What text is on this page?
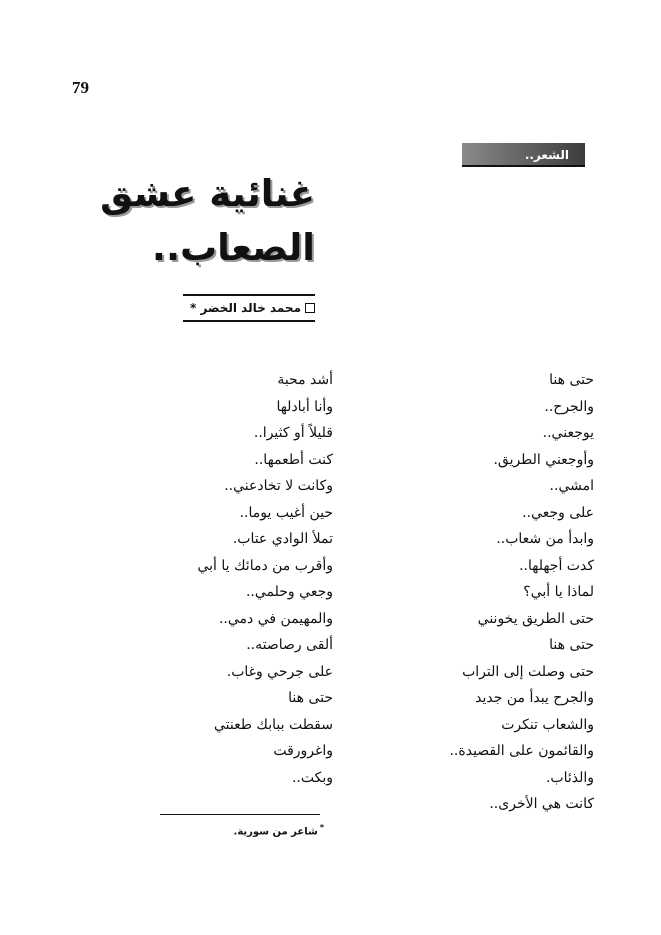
79
الشعر..
غنائية عشق
الصعاب..
محمد خالد الخضر *
حتى هنا
والجرح..
يوجعني..
وأوجعني الطريق.
امشي..
على وجعي..
وابدأ من شعاب..
كدت أجهلها..
لماذا يا أبي؟
حتى الطريق يخونني
حتى هنا
حتى وصلت إلى التراب
والجرح يبدأ من جديد
والشعاب تنكرت
والقائمون على القصيدة..
والذئاب.
كانت هي الأخرى..
أشد محبة
وأنا أبادلها
قليلاً أو كثيرا..
كنت أطعمها..
وكانت لا تخادعني..
حين أغيب يوما..
تملأ الوادي عتاب.
وأقرب من دمائك يا أبي
وجعي وحلمي..
والمهيمن في دمي..
ألقى رصاصته..
على جرحي وغاب.
حتى هنا
سقطت ببابك طعنتي
واغرورقت
وبكت..
*شاعر من سورية.
